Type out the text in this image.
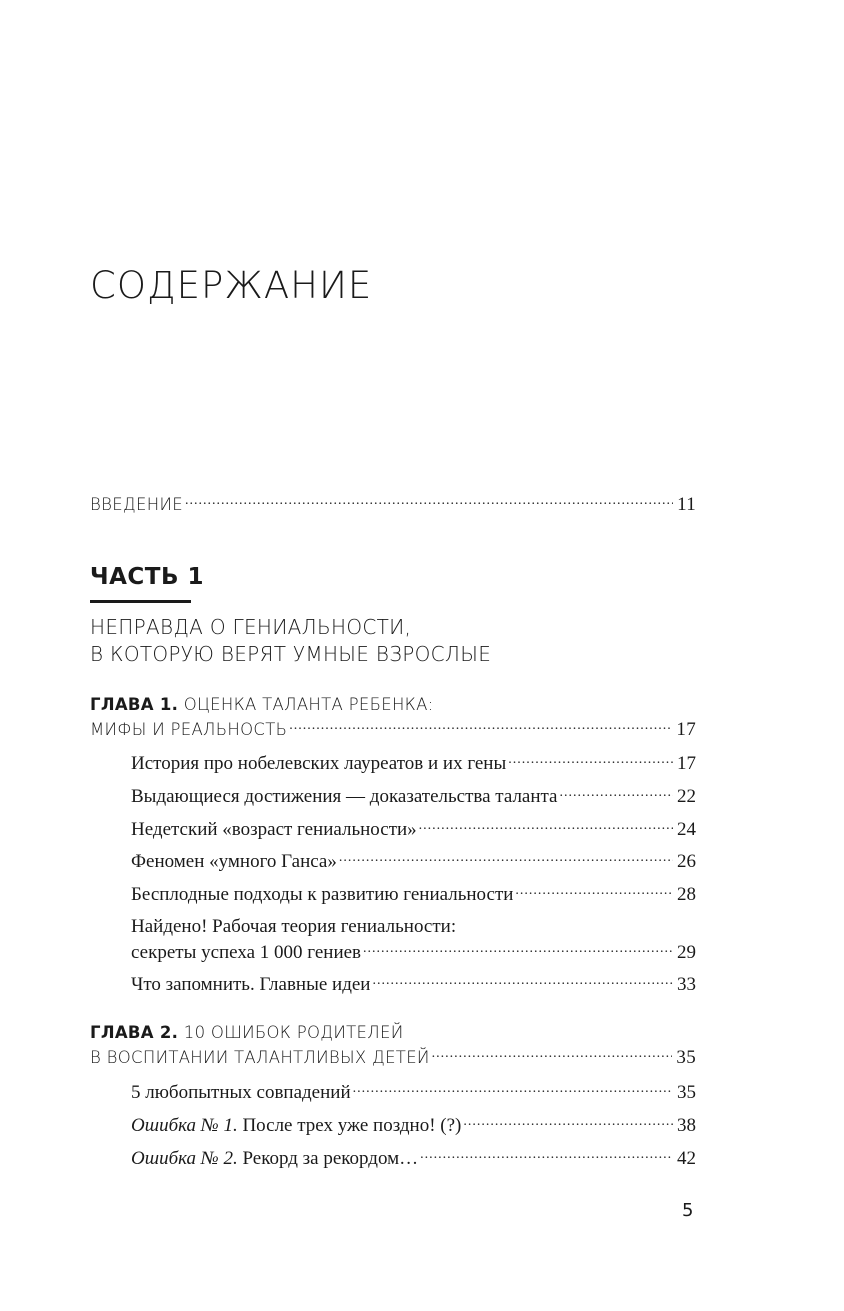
СОДЕРЖАНИЕ
ВВЕДЕНИЕ .....	11
ЧАСТЬ 1
НЕПРАВДА О ГЕНИАЛЬНОСТИ,
В КОТОРУЮ ВЕРЯТ УМНЫЕ ВЗРОСЛЫЕ
ГЛАВА 1. ОЦЕНКА ТАЛАНТА РЕБЕНКА:
МИФЫ И РЕАЛЬНОСТЬ .....	17
История про нобелевских лауреатов и их гены .....	17
Выдающиеся достижения — доказательства таланта .....	22
Недетский «возраст гениальности» .....	24
Феномен «умного Ганса» .....	26
Бесплодные подходы к развитию гениальности .....	28
Найдено! Рабочая теория гениальности:
секреты успеха 1 000 гениев .....	29
Что запомнить. Главные идеи .....	33
ГЛАВА 2. 10 ОШИБОК РОДИТЕЛЕЙ
В ВОСПИТАНИИ ТАЛАНТЛИВЫХ ДЕТЕЙ .....	35
5 любопытных совпадений .....	35
Ошибка № 1. После трех уже поздно! (?) .....	38
Ошибка № 2. Рекорд за рекордом… .....	42
5
